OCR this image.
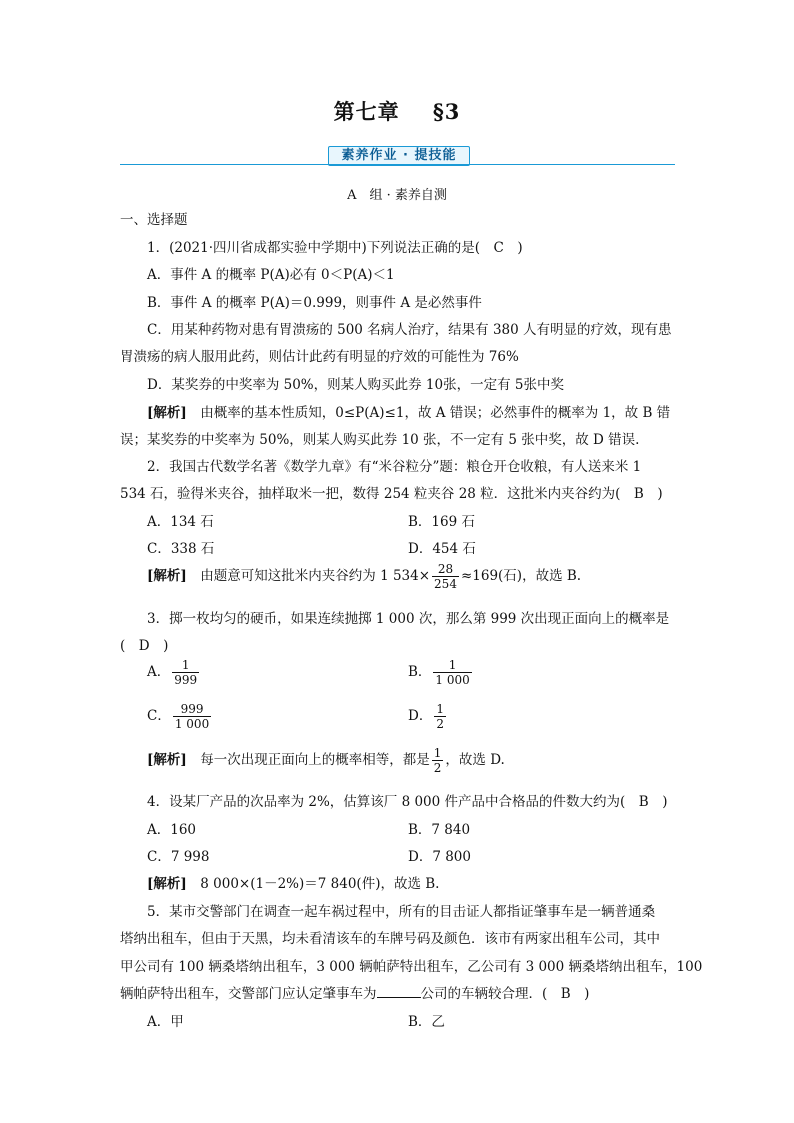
第七章 §3
素养作业 · 提技能
A　组 · 素养自测
一、选择题
1．(2021·四川省成都实验中学期中)下列说法正确的是(　C　)
A．事件 A 的概率 P(A)必有 0＜P(A)＜1
B．事件 A 的概率 P(A)＝0.999，则事件 A 是必然事件
C．用某种药物对患有胃溃疡的 500 名病人治疗，结果有 380 人有明显的疗效，现有患
胃溃疡的病人服用此药，则估计此药有明显的疗效的可能性为 76%
D．某奖券的中奖率为 50%，则某人购买此券 10张，一定有 5张中奖
[解析]　由概率的基本性质知，0≤P(A)≤1，故 A 错误；必然事件的概率为 1，故 B 错
误；某奖券的中奖率为 50%，则某人购买此券 10 张，不一定有 5 张中奖，故 D 错误.
2．我国古代数学名著《数学九章》有“米谷粒分”题：粮仓开仓收粮，有人送来米 1
534 石，验得米夹谷，抽样取米一把，数得 254 粒夹谷 28 粒．这批米内夹谷约为(　B　)
A．134 石	B．169 石
C．338 石	D．454 石
[解析]　由题意可知这批米内夹谷约为 1 $534\times \frac{28}{254} \approx 169$(石)，故选 B.
3．掷一枚均匀的硬币，如果连续抛掷 1 000 次，那么第 999 次出现正面向上的概率是
(　D　)
A． $\frac{1}{999}$	B． $\frac{1}{1 000}$
C． $\frac{999}{1 000}$	D． $\frac{1}{2}$
[解析]　每一次出现正面向上的概率相等，都是 $\frac{1}{2}$ ，故选 D.
4．设某厂产品的次品率为 2%，估算该厂 8 000 件产品中合格品的件数大约为(　B　)
A．160	B．7 840
C．7 998	D．7 800
[解析]　8 000×(1－2%)＝7 840(件)，故选 B.
5．某市交警部门在调查一起车祸过程中，所有的目击证人都指证肇事车是一辆普通桑
塔纳出租车，但由于天黑，均未看清该车的车牌号码及颜色．该市有两家出租车公司，其中
甲公司有 100 辆桑塔纳出租车，3 000 辆帕萨特出租车，乙公司有 3 000 辆桑塔纳出租车，100
辆帕萨特出租车，交警部门应认定肇事车为	公司的车辆较合理．(　B　)
A．甲	B．乙
